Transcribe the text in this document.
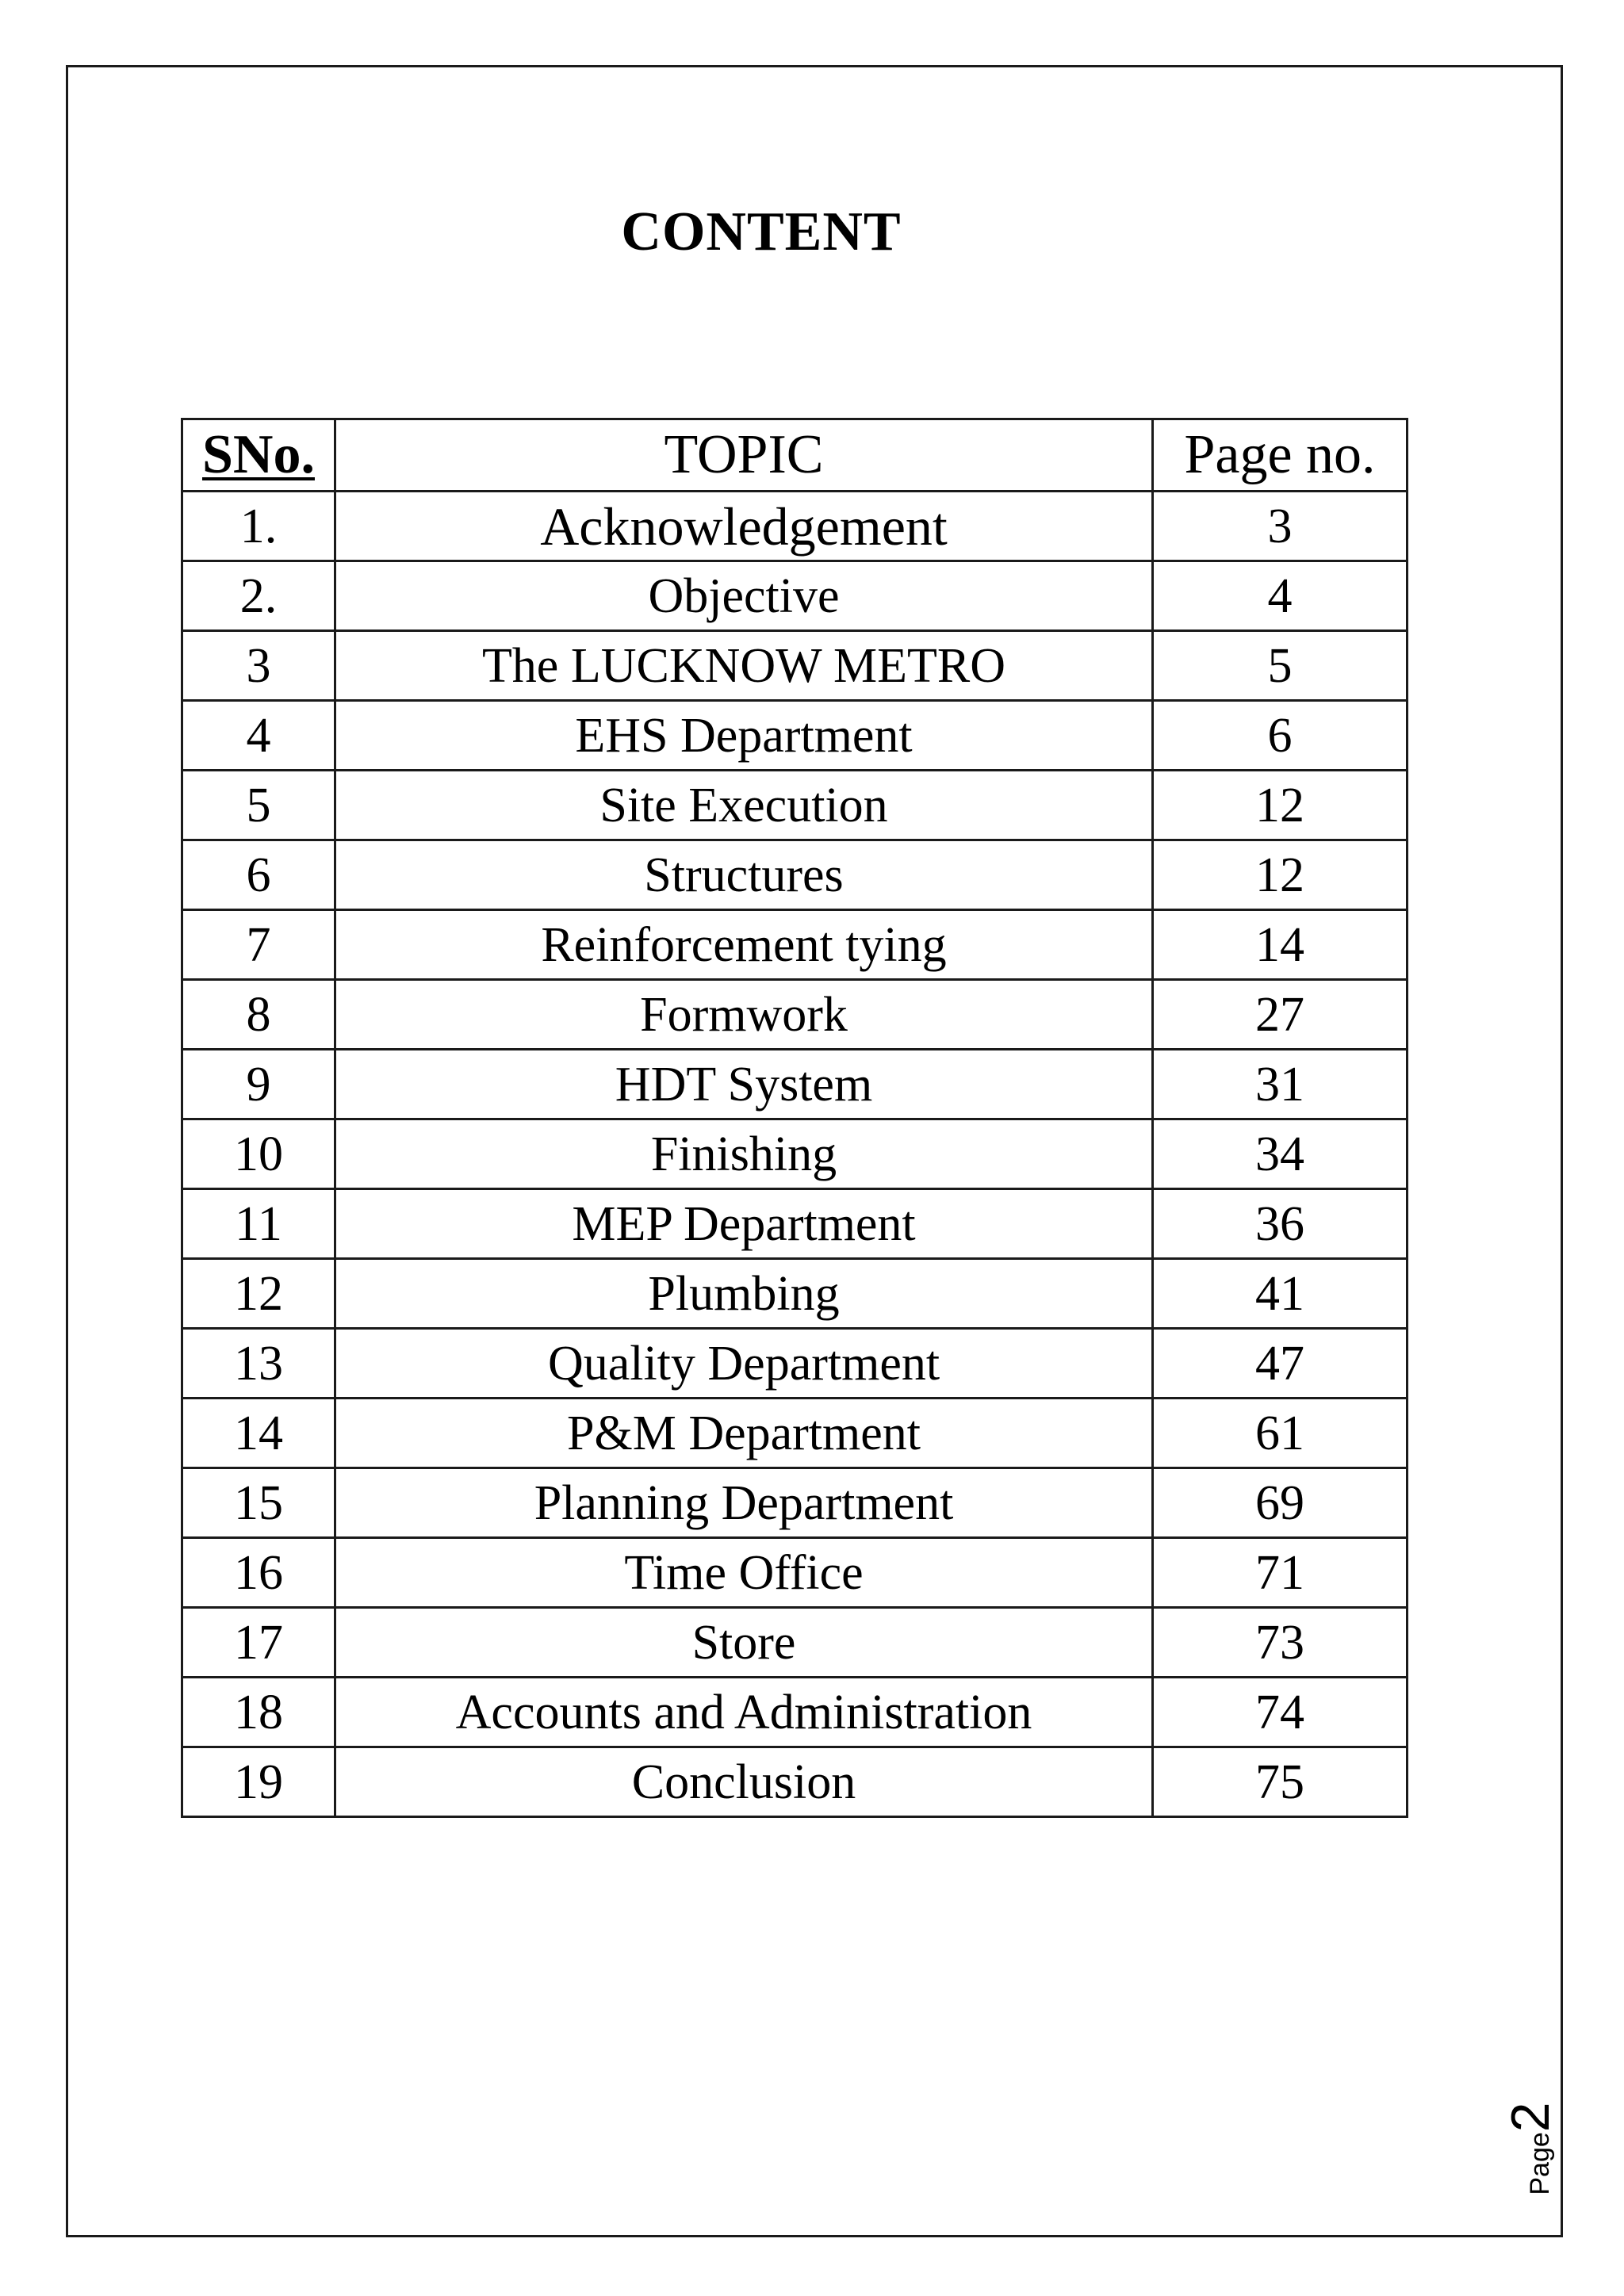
CONTENT
SNo.	TOPIC	Page no.
1.	Acknowledgement	3
2.	Objective	4
3	The LUCKNOW METRO	5
4	EHS Department	6
5	Site Execution	12
6	Structures	12
7	Reinforcement tying	14
8	Formwork	27
9	HDT System	31
10	Finishing	34
11	MEP Department	36
12	Plumbing	41
13	Quality Department	47
14	P&M Department	61
15	Planning Department	69
16	Time Office	71
17	Store	73
18	Accounts and Administration	74
19	Conclusion	75
Page2
